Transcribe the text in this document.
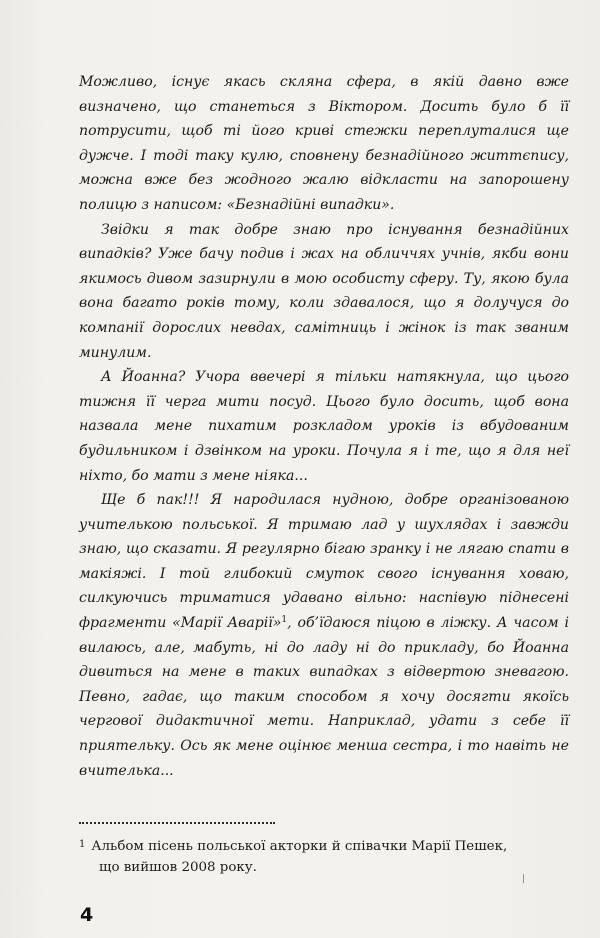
Можливо, існує якась скляна сфера, в якій давно вже визначено, що станеться з Віктором. Досить було б її потрусити, щоб ті його криві стежки переплуталися ще дужче. І тоді таку кулю, сповнену безнадійного життєпису, можна вже без жодного жалю відкласти на запорошену полицю з написом: «Безнадійні випадки».

Звідки я так добре знаю про існування безнадійних випадків? Уже бачу подив і жах на обличчях учнів, якби вони якимось дивом зазирнули в мою особисту сферу. Ту, якою була вона багато років тому, коли здавалося, що я долучуся до компанії дорослих невдах, самітниць і жінок із так званим минулим.

А Йоанна? Учора ввечері я тільки натякнула, що цього тижня її черга мити посуд. Цього було досить, щоб вона назвала мене пихатим розкладом уроків із вбудованим будильником і дзвінком на уроки. Почула я і те, що я для неї ніхто, бо мати з мене ніяка...

Ще б пак!!! Я народилася нудною, добре організованою учителькою польської. Я тримаю лад у шухлядах і завжди знаю, що сказати. Я регулярно бігаю зранку і не лягаю спати в макіяжі. І той глибокий смуток свого існування ховаю, силкуючись триматися удавано вільно: наспівую піднесені фрагменти «Марії Аварії»$^1$, об’їдаюся піцою в ліжку. А часом і вилаюсь, але, мабуть, ні до ладу ні до прикладу, бо Йоанна дивиться на мене в таких випадках з відвертою зневагою. Певно, гадає, що таким способом я хочу досягти якоїсь чергової дидактичної мети. Наприклад, удати з себе її приятельку. Ось як мене оцінює менша сестра, і то навіть не вчителька...

$^1$ Альбом пісень польської акторки й співачки Марії Пешек,
що вийшов 2008 року.
4
